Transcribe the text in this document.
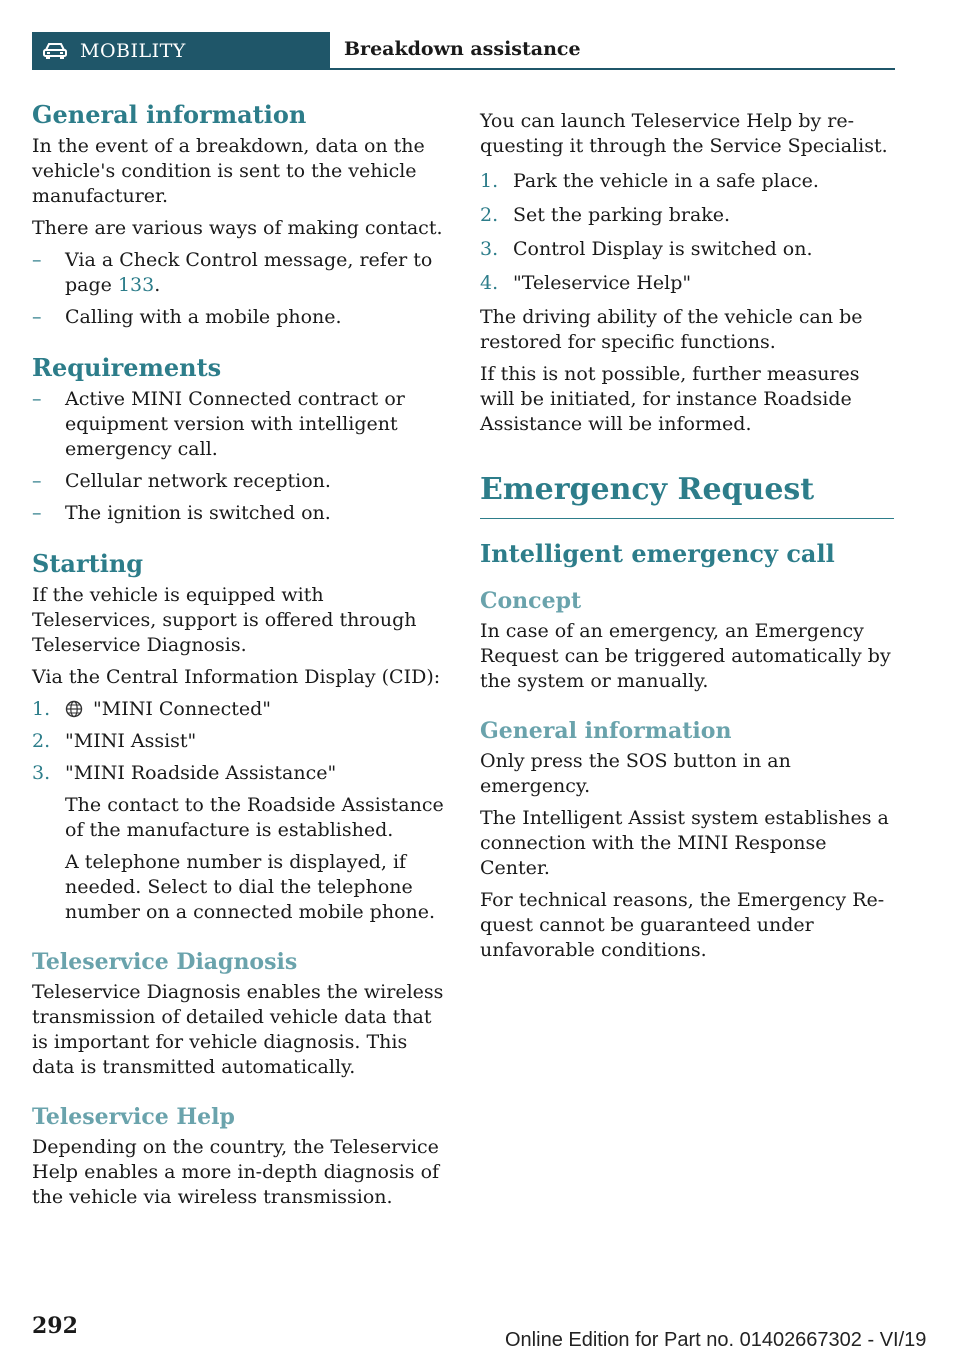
MOBILITY	Breakdown assistance
General information

In the event of a breakdown, data on the vehicle's condition is sent to the vehicle manufacturer.

There are various ways of making contact.

– Via a Check Control message, refer to page 133.
– Calling with a mobile phone.
Requirements
– Active MINI Connected contract or equipment version with intelligent emergency call.
– Cellular network reception.
– The ignition is switched on.
Starting

If the vehicle is equipped with Teleservices, support is offered through Teleservice Diagnosis.

Via the Central Information Display (CID):

1. "MINI Connected"
2. "MINI Assist"
3. "MINI Roadside Assistance"
The contact to the Roadside Assistance of the manufacture is established.
A telephone number is displayed, if needed. Select to dial the telephone number on a connected mobile phone.
Teleservice Diagnosis

Teleservice Diagnosis enables the wireless transmission of detailed vehicle data that is important for vehicle diagnosis. This data is transmitted automatically.

Teleservice Help

Depending on the country, the Teleservice Help enables a more in-depth diagnosis of the vehicle via wireless transmission.

You can launch Teleservice Help by requesting it through the Service Specialist.

1. Park the vehicle in a safe place.
2. Set the parking brake.
3. Control Display is switched on.
4. "Teleservice Help"

The driving ability of the vehicle can be restored for specific functions.

If this is not possible, further measures will be initiated, for instance Roadside Assistance will be informed.

Emergency Request
Intelligent emergency call
Concept

In case of an emergency, an Emergency Request can be triggered automatically by the system or manually.

General information

Only press the SOS button in an emergency.

The Intelligent Assist system establishes a connection with the MINI Response Center.

For technical reasons, the Emergency Request cannot be guaranteed under unfavorable conditions.

292
Online Edition for Part no. 01402667302 - VI/19
